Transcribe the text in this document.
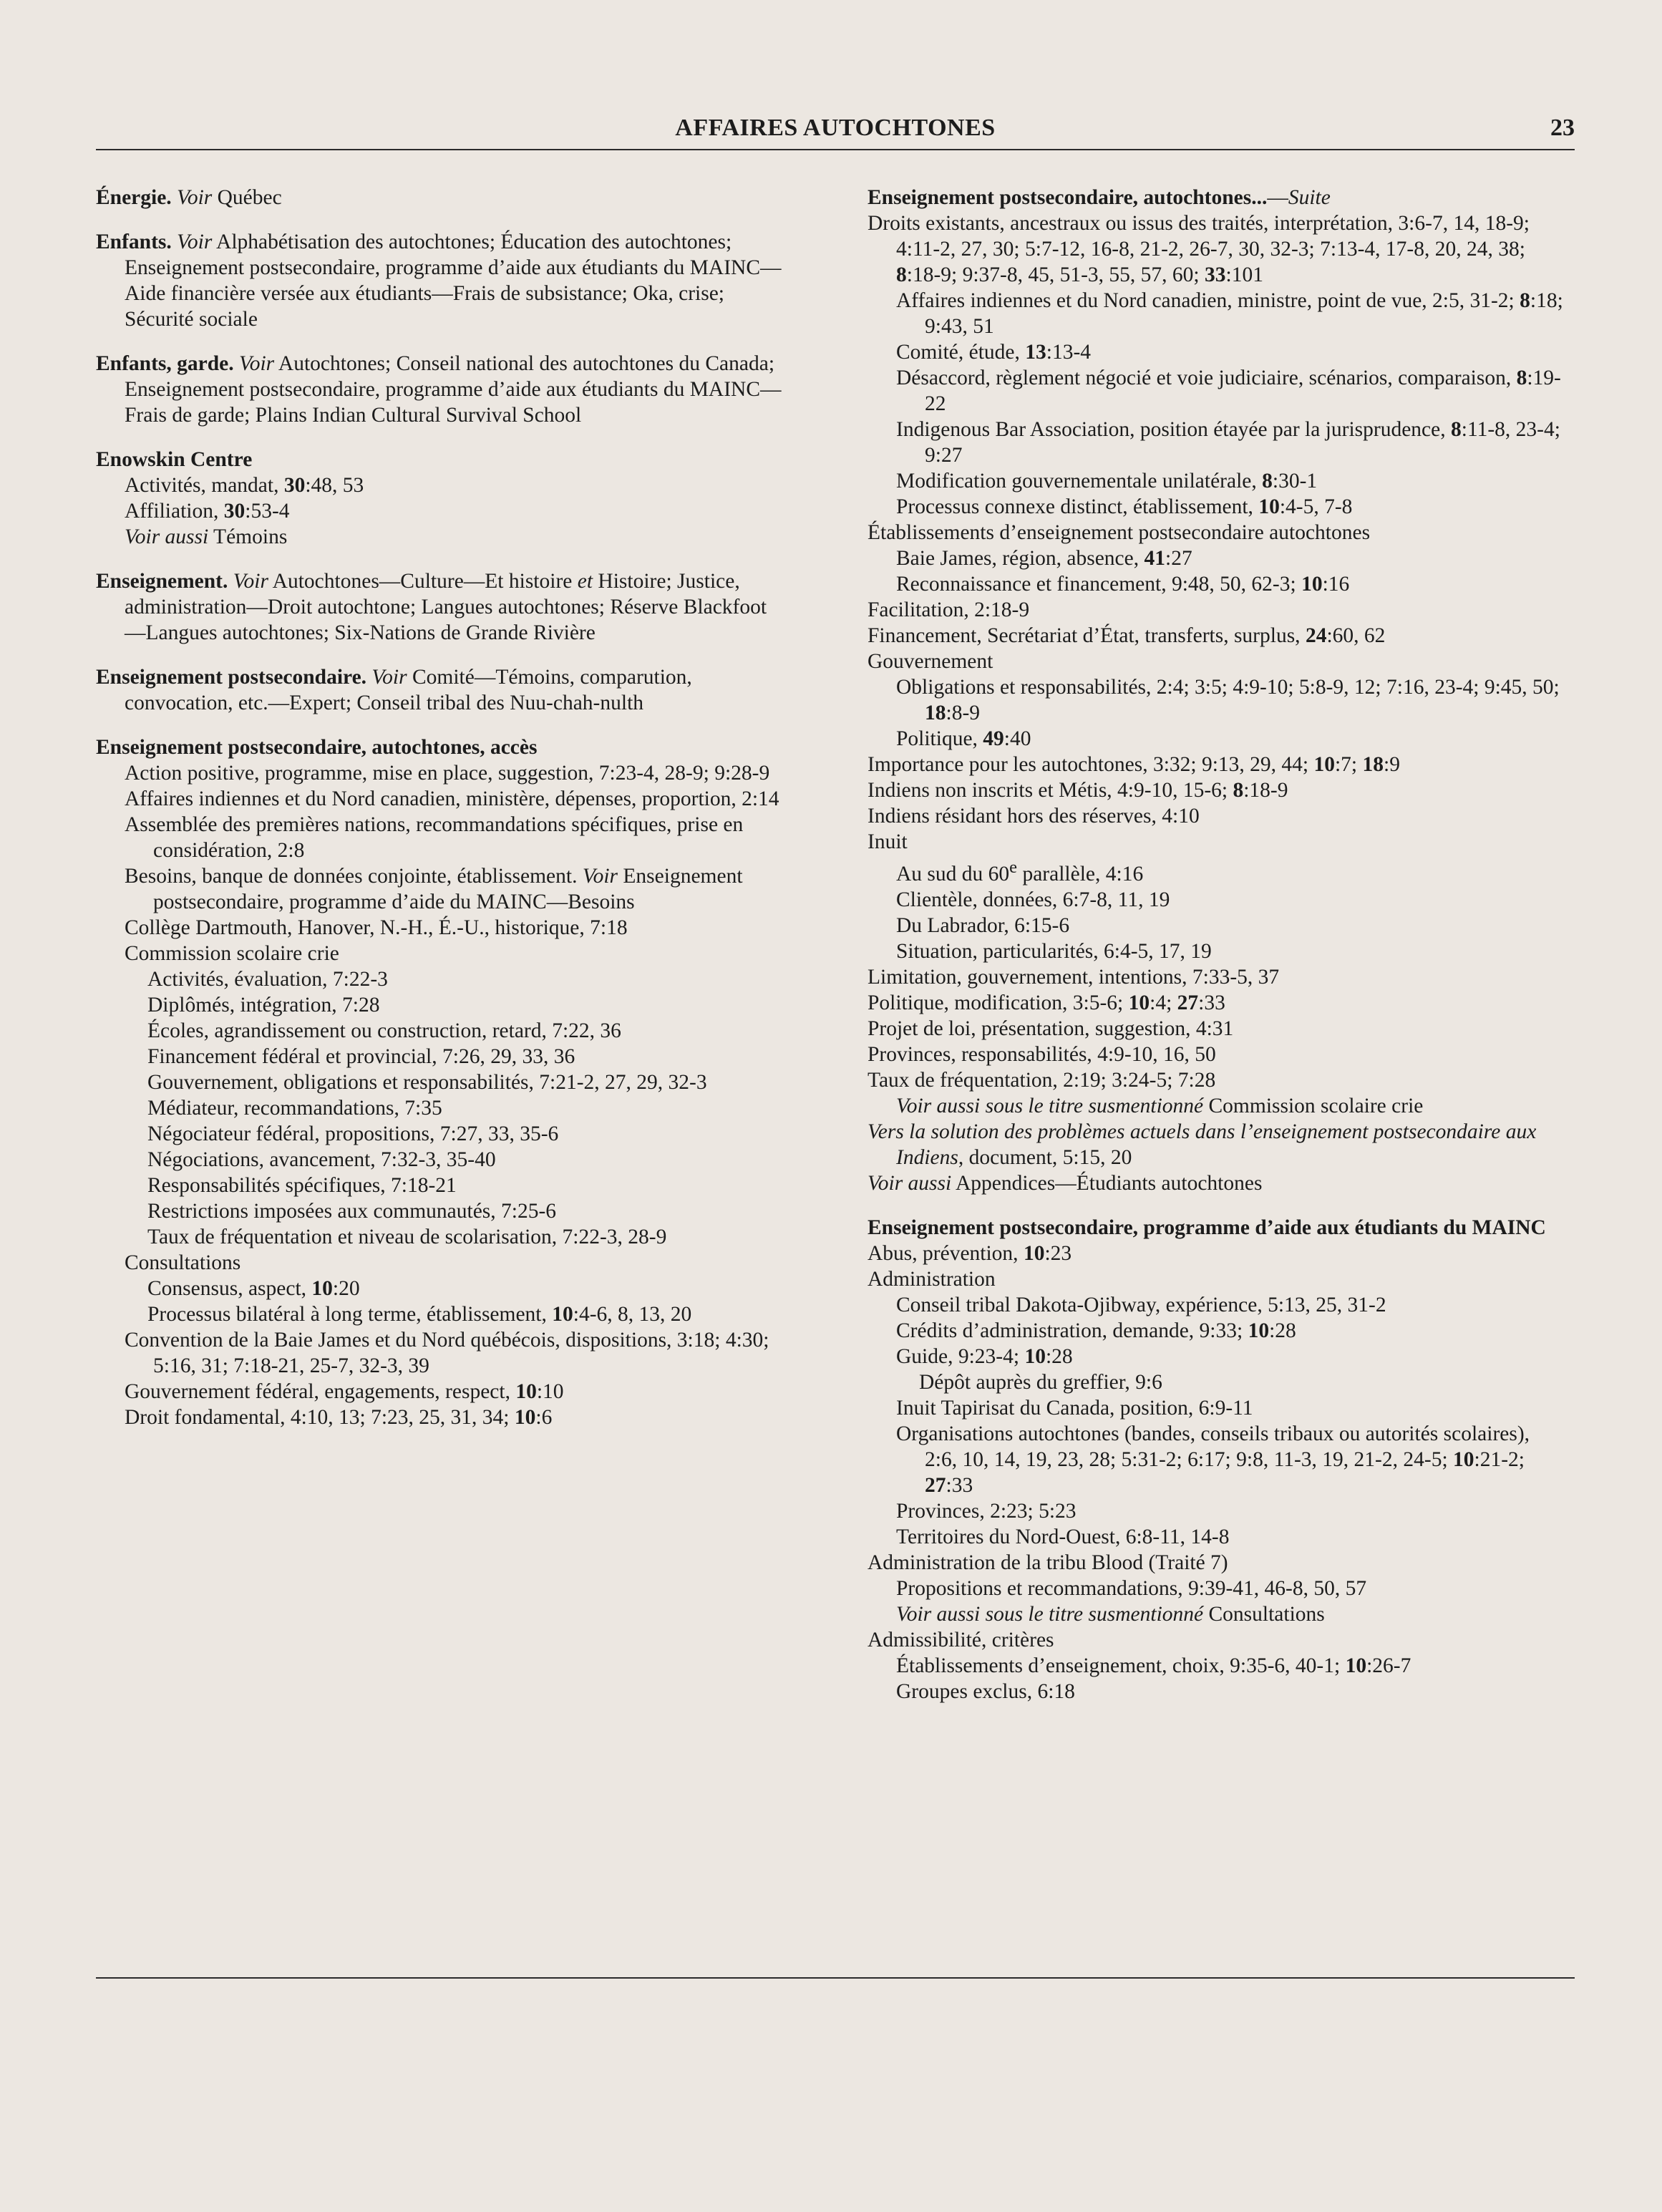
AFFAIRES AUTOCHTONES	23
Énergie. Voir Québec
Enfants. Voir Alphabétisation des autochtones; Éducation des autochtones; Enseignement postsecondaire, programme d’aide aux étudiants du MAINC—Aide financière versée aux étudiants—Frais de subsistance; Oka, crise; Sécurité sociale
Enfants, garde. Voir Autochtones; Conseil national des autochtones du Canada; Enseignement postsecondaire, programme d’aide aux étudiants du MAINC—Frais de garde; Plains Indian Cultural Survival School
Enowskin Centre
Activités, mandat, 30:48, 53
Affiliation, 30:53-4
Voir aussi Témoins
Enseignement. Voir Autochtones—Culture—Et histoire et Histoire; Justice, administration—Droit autochtone; Langues autochtones; Réserve Blackfoot—Langues autochtones; Six-Nations de Grande Rivière
Enseignement postsecondaire. Voir Comité—Témoins, comparution, convocation, etc.—Expert; Conseil tribal des Nuu-chah-nulth
Enseignement postsecondaire, autochtones, accès
Action positive, programme, mise en place, suggestion, 7:23-4, 28-9; 9:28-9
Affaires indiennes et du Nord canadien, ministère, dépenses, proportion, 2:14
Assemblée des premières nations, recommandations spécifiques, prise en considération, 2:8
Besoins, banque de données conjointe, établissement. Voir Enseignement postsecondaire, programme d’aide du MAINC—Besoins
Collège Dartmouth, Hanover, N.-H., É.-U., historique, 7:18
Commission scolaire crie
Activités, évaluation, 7:22-3
Diplômés, intégration, 7:28
Écoles, agrandissement ou construction, retard, 7:22, 36
Financement fédéral et provincial, 7:26, 29, 33, 36
Gouvernement, obligations et responsabilités, 7:21-2, 27, 29, 32-3
Médiateur, recommandations, 7:35
Négociateur fédéral, propositions, 7:27, 33, 35-6
Négociations, avancement, 7:32-3, 35-40
Responsabilités spécifiques, 7:18-21
Restrictions imposées aux communautés, 7:25-6
Taux de fréquentation et niveau de scolarisation, 7:22-3, 28-9
Consultations
Consensus, aspect, 10:20
Processus bilatéral à long terme, établissement, 10:4-6, 8, 13, 20
Convention de la Baie James et du Nord québécois, dispositions, 3:18; 4:30; 5:16, 31; 7:18-21, 25-7, 32-3, 39
Gouvernement fédéral, engagements, respect, 10:10
Droit fondamental, 4:10, 13; 7:23, 25, 31, 34; 10:6
Enseignement postsecondaire, autochtones...—Suite
Droits existants, ancestraux ou issus des traités, interprétation, 3:6-7, 14, 18-9; 4:11-2, 27, 30; 5:7-12, 16-8, 21-2, 26-7, 30, 32-3; 7:13-4, 17-8, 20, 24, 38; 8:18-9; 9:37-8, 45, 51-3, 55, 57, 60; 33:101
Affaires indiennes et du Nord canadien, ministre, point de vue, 2:5, 31-2; 8:18; 9:43, 51
Comité, étude, 13:13-4
Désaccord, règlement négocié et voie judiciaire, scénarios, comparaison, 8:19-22
Indigenous Bar Association, position étayée par la jurisprudence, 8:11-8, 23-4; 9:27
Modification gouvernementale unilatérale, 8:30-1
Processus connexe distinct, établissement, 10:4-5, 7-8
Établissements d’enseignement postsecondaire autochtones
Baie James, région, absence, 41:27
Reconnaissance et financement, 9:48, 50, 62-3; 10:16
Facilitation, 2:18-9
Financement, Secrétariat d’État, transferts, surplus, 24:60, 62
Gouvernement
Obligations et responsabilités, 2:4; 3:5; 4:9-10; 5:8-9, 12; 7:16, 23-4; 9:45, 50; 18:8-9
Politique, 49:40
Importance pour les autochtones, 3:32; 9:13, 29, 44; 10:7; 18:9
Indiens non inscrits et Métis, 4:9-10, 15-6; 8:18-9
Indiens résidant hors des réserves, 4:10
Inuit
Au sud du 60e parallèle, 4:16
Clientèle, données, 6:7-8, 11, 19
Du Labrador, 6:15-6
Situation, particularités, 6:4-5, 17, 19
Limitation, gouvernement, intentions, 7:33-5, 37
Politique, modification, 3:5-6; 10:4; 27:33
Projet de loi, présentation, suggestion, 4:31
Provinces, responsabilités, 4:9-10, 16, 50
Taux de fréquentation, 2:19; 3:24-5; 7:28
Voir aussi sous le titre susmentionné Commission scolaire crie
Vers la solution des problèmes actuels dans l’enseignement postsecondaire aux Indiens, document, 5:15, 20
Voir aussi Appendices—Étudiants autochtones
Enseignement postsecondaire, programme d’aide aux étudiants du MAINC
Abus, prévention, 10:23
Administration
Conseil tribal Dakota-Ojibway, expérience, 5:13, 25, 31-2
Crédits d’administration, demande, 9:33; 10:28
Guide, 9:23-4; 10:28
Dépôt auprès du greffier, 9:6
Inuit Tapirisat du Canada, position, 6:9-11
Organisations autochtones (bandes, conseils tribaux ou autorités scolaires), 2:6, 10, 14, 19, 23, 28; 5:31-2; 6:17; 9:8, 11-3, 19, 21-2, 24-5; 10:21-2; 27:33
Provinces, 2:23; 5:23
Territoires du Nord-Ouest, 6:8-11, 14-8
Administration de la tribu Blood (Traité 7)
Propositions et recommandations, 9:39-41, 46-8, 50, 57
Voir aussi sous le titre susmentionné Consultations
Admissibilité, critères
Établissements d’enseignement, choix, 9:35-6, 40-1; 10:26-7
Groupes exclus, 6:18
